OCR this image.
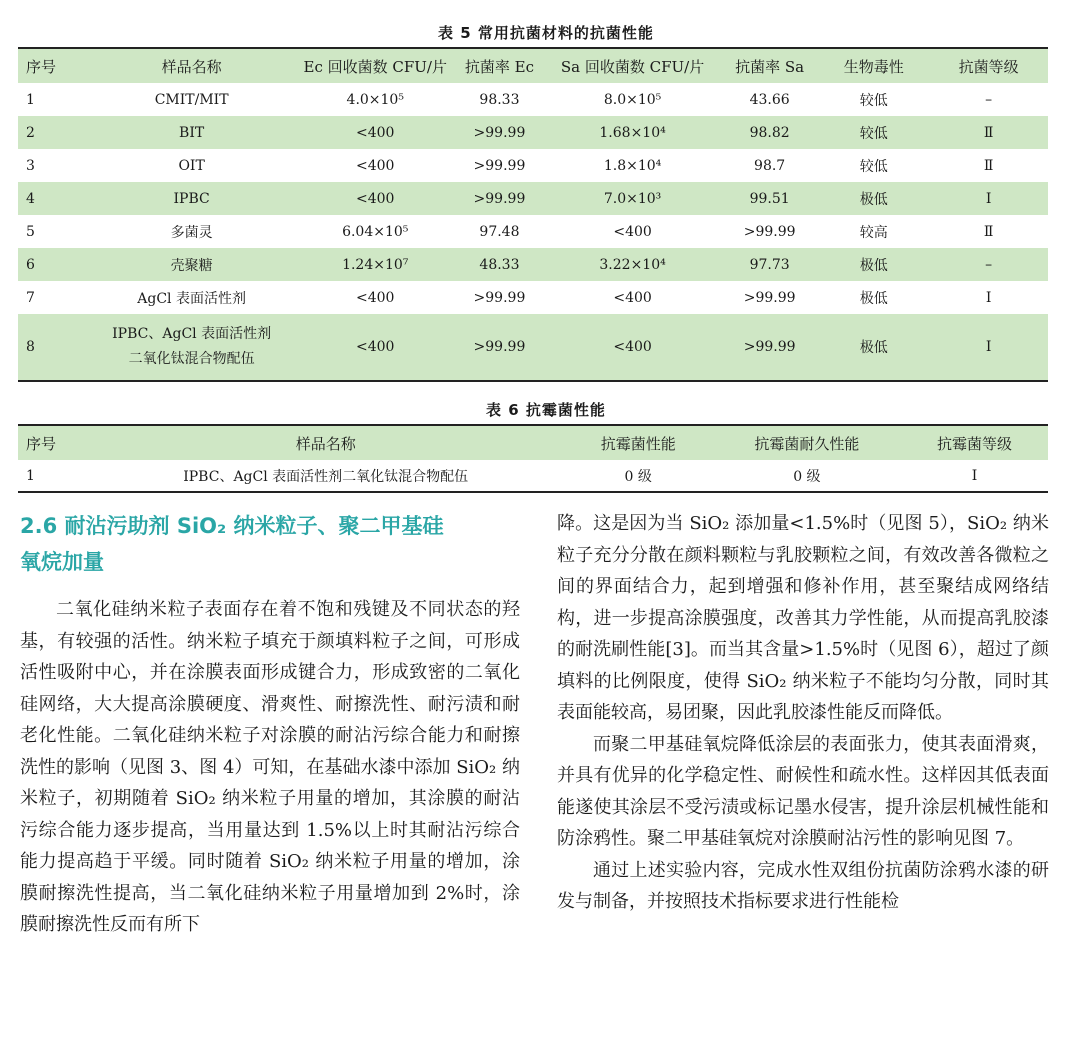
表 5 常用抗菌材料的抗菌性能
序号	样品名称	Ec 回收菌数 CFU/片	抗菌率 Ec	Sa 回收菌数 CFU/片	抗菌率 Sa	生物毒性	抗菌等级
1	CMIT/MIT	4.0×10⁵	98.33	8.0×10⁵	43.66	较低	–
2	BIT	<400	>99.99	1.68×10⁴	98.82	较低	Ⅱ
3	OIT	<400	>99.99	1.8×10⁴	98.7	较低	Ⅱ
4	IPBC	<400	>99.99	7.0×10³	99.51	极低	Ⅰ
5	多菌灵	6.04×10⁵	97.48	<400	>99.99	较高	Ⅱ
6	壳聚糖	1.24×10⁷	48.33	3.22×10⁴	97.73	极低	–
7	AgCl 表面活性剂	<400	>99.99	<400	>99.99	极低	Ⅰ
8	IPBC、AgCl 表面活性剂
二氧化钛混合物配伍	<400	>99.99	<400	>99.99	极低	Ⅰ
表 6 抗霉菌性能
序号	样品名称	抗霉菌性能	抗霉菌耐久性能	抗霉菌等级
1	IPBC、AgCl 表面活性剂二氧化钛混合物配伍	0 级	0 级	Ⅰ
2.6 耐沾污助剂 SiO₂ 纳米粒子、聚二甲基硅
氧烷加量

二氧化硅纳米粒子表面存在着不饱和残键及不同状态的羟基，有较强的活性。纳米粒子填充于颜填料粒子之间，可形成活性吸附中心，并在涂膜表面形成键合力，形成致密的二氧化硅网络，大大提高涂膜硬度、滑爽性、耐擦洗性、耐污渍和耐老化性能。二氧化硅纳米粒子对涂膜的耐沾污综合能力和耐擦洗性的影响（见图 3、图 4）可知，在基础水漆中添加 SiO₂ 纳米粒子，初期随着 SiO₂ 纳米粒子用量的增加，其涂膜的耐沾污综合能力逐步提高，当用量达到 1.5%以上时其耐沾污综合能力提高趋于平缓。同时随着 SiO₂ 纳米粒子用量的增加，涂膜耐擦洗性提高，当二氧化硅纳米粒子用量增加到 2%时，涂膜耐擦洗性反而有所下

降。这是因为当 SiO₂ 添加量<1.5%时（见图 5），SiO₂ 纳米粒子充分分散在颜料颗粒与乳胶颗粒之间，有效改善各微粒之间的界面结合力，起到增强和修补作用，甚至聚结成网络结构，进一步提高涂膜强度，改善其力学性能，从而提高乳胶漆的耐洗刷性能[3]。而当其含量>1.5%时（见图 6），超过了颜填料的比例限度，使得 SiO₂ 纳米粒子不能均匀分散，同时其表面能较高，易团聚，因此乳胶漆性能反而降低。

而聚二甲基硅氧烷降低涂层的表面张力，使其表面滑爽，并具有优异的化学稳定性、耐候性和疏水性。这样因其低表面能遂使其涂层不受污渍或标记墨水侵害，提升涂层机械性能和防涂鸦性。聚二甲基硅氧烷对涂膜耐沾污性的影响见图 7。

通过上述实验内容，完成水性双组份抗菌防涂鸦水漆的研发与制备，并按照技术指标要求进行性能检
